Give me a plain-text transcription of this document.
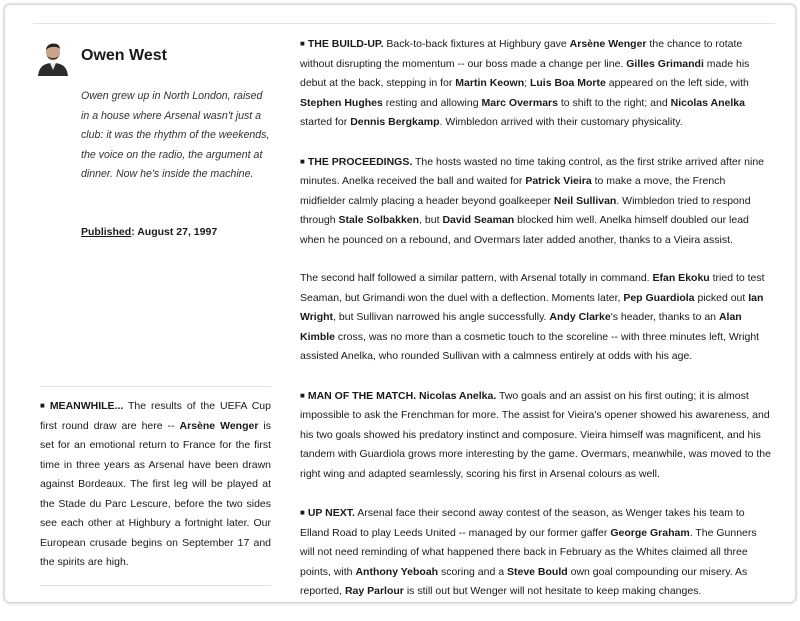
Owen West
Owen grew up in North London, raised in a house where Arsenal wasn't just a club: it was the rhythm of the weekends, the voice on the radio, the argument at dinner. Now he's inside the machine.
Published: August 27, 1997

■ MEANWHILE... The results of the UEFA Cup first round draw are here -- Arsène Wenger is set for an emotional return to France for the first time in three years as Arsenal have been drawn against Bordeaux. The first leg will be played at the Stade du Parc Lescure, before the two sides see each other at Highbury a fortnight later. Our European crusade begins on September 17 and the spirits are high.

■ THE BUILD-UP. Back-to-back fixtures at Highbury gave Arsène Wenger the chance to rotate without disrupting the momentum -- our boss made a change per line. Gilles Grimandi made his debut at the back, stepping in for Martin Keown; Luis Boa Morte appeared on the left side, with Stephen Hughes resting and allowing Marc Overmars to shift to the right; and Nicolas Anelka started for Dennis Bergkamp. Wimbledon arrived with their customary physicality.

■ THE PROCEEDINGS. The hosts wasted no time taking control, as the first strike arrived after nine minutes. Anelka received the ball and waited for Patrick Vieira to make a move, the French midfielder calmly placing a header beyond goalkeeper Neil Sullivan. Wimbledon tried to respond through Stale Solbakken, but David Seaman blocked him well. Anelka himself doubled our lead when he pounced on a rebound, and Overmars later added another, thanks to a Vieira assist.

The second half followed a similar pattern, with Arsenal totally in command. Efan Ekoku tried to test Seaman, but Grimandi won the duel with a deflection. Moments later, Pep Guardiola picked out Ian Wright, but Sullivan narrowed his angle successfully. Andy Clarke's header, thanks to an Alan Kimble cross, was no more than a cosmetic touch to the scoreline -- with three minutes left, Wright assisted Anelka, who rounded Sullivan with a calmness entirely at odds with his age.

■ MAN OF THE MATCH. Nicolas Anelka. Two goals and an assist on his first outing; it is almost impossible to ask the Frenchman for more. The assist for Vieira's opener showed his awareness, and his two goals showed his predatory instinct and composure. Vieira himself was magnificent, and his tandem with Guardiola grows more interesting by the game. Overmars, meanwhile, was moved to the right wing and adapted seamlessly, scoring his first in Arsenal colours as well.

■ UP NEXT. Arsenal face their second away contest of the season, as Wenger takes his team to Elland Road to play Leeds United -- managed by our former gaffer George Graham. The Gunners will not need reminding of what happened there back in February as the Whites claimed all three points, with Anthony Yeboah scoring and a Steve Bould own goal compounding our misery. As reported, Ray Parlour is still out but Wenger will not hesitate to keep making changes.
